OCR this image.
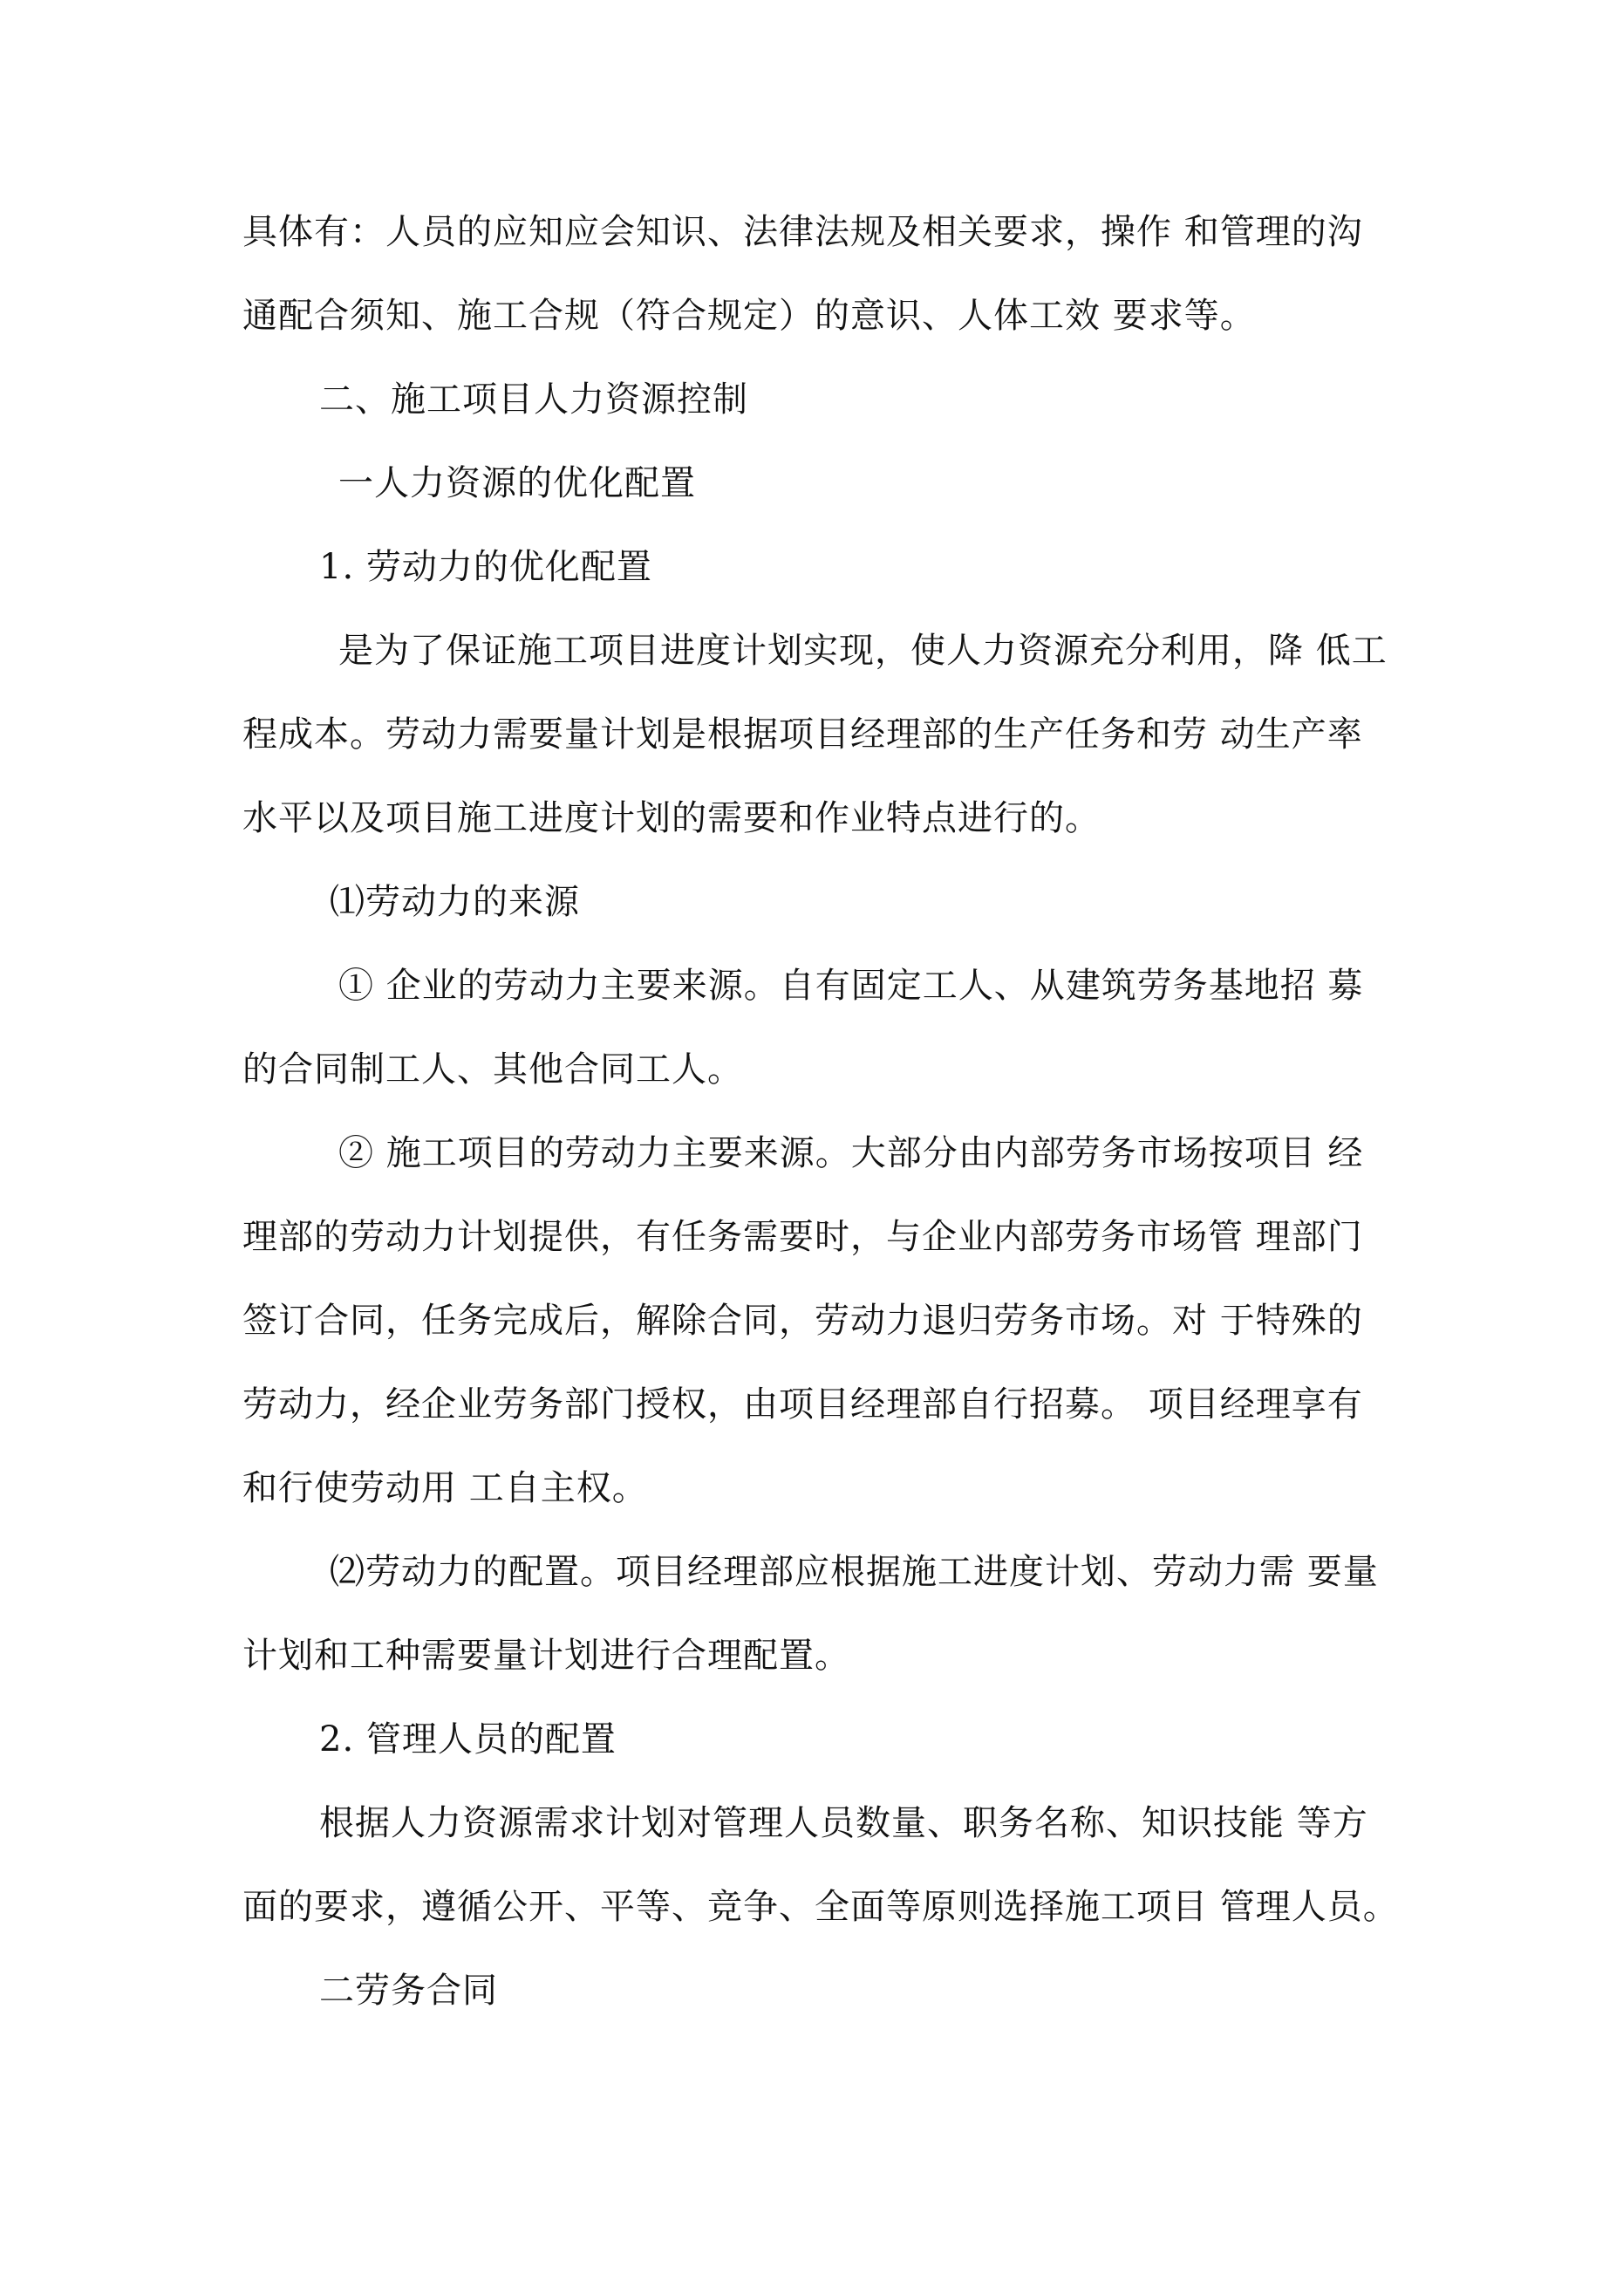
具体有：人员的应知应会知识、法律法规及相关要求，操作 和管理的沟
通配合须知、施工合规（符合规定）的意识、人体工效 要求等。
二、施工项目人力资源控制
一人力资源的优化配置
1. 劳动力的优化配置
是为了保证施工项目进度计划实现，使人力资源充分利用，降 低工
程成本。劳动力需要量计划是根据项目经理部的生产任务和劳 动生产率
水平以及项目施工进度计划的需要和作业特点进行的。
⑴劳动力的来源
① 企业的劳动力主要来源。自有固定工人、从建筑劳务基地招 募
的合同制工人、其他合同工人。
② 施工项目的劳动力主要来源。大部分由内部劳务市场按项目 经
理部的劳动力计划提供，有任务需要时，与企业内部劳务市场管 理部门
签订合同，任务完成后，解除合同，劳动力退归劳务市场。对 于特殊的
劳动力，经企业劳务部门授权，由项目经理部自行招募。 项目经理享有
和行使劳动用 工自主权。
⑵劳动力的配置。项目经理部应根据施工进度计划、劳动力需 要量
计划和工种需要量计划进行合理配置。
2. 管理人员的配置
根据人力资源需求计划对管理人员数量、职务名称、知识技能 等方
面的要求，遵循公开、平等、竞争、全面等原则选择施工项目 管理人员。
二劳务合同
